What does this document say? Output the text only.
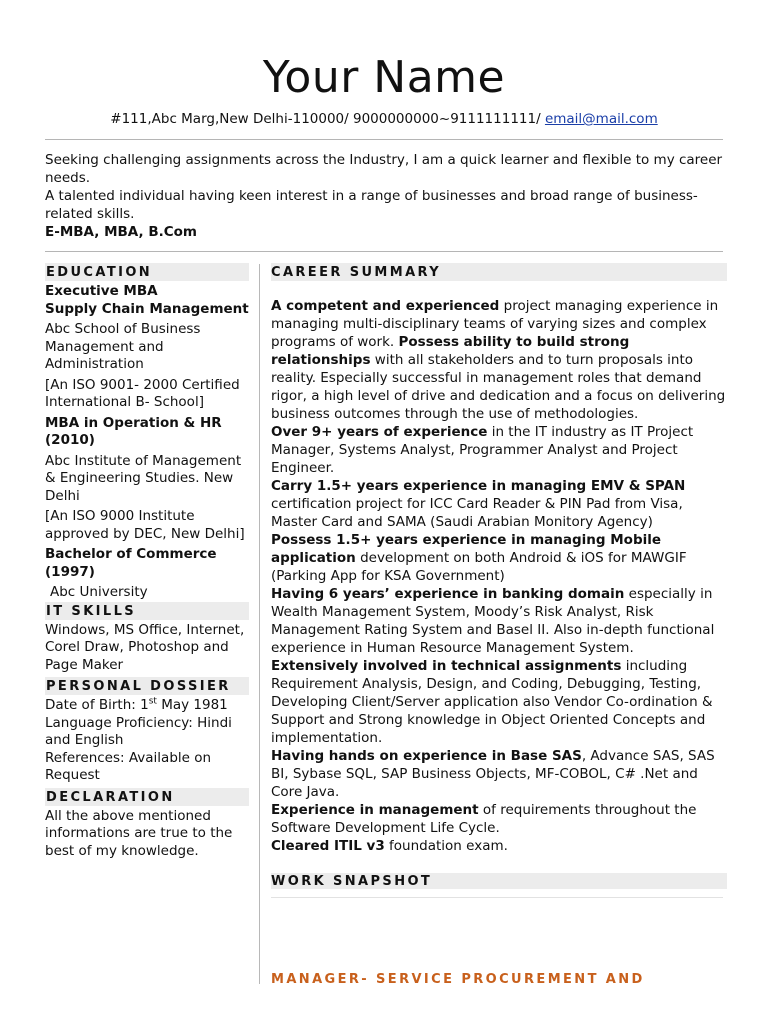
Your Name
#111,Abc Marg,New Delhi-110000/ 9000000000~9111111111/ email@mail.com

Seeking challenging assignments across the Industry, I am a quick learner and flexible to my career needs.

A talented individual having keen interest in a range of businesses and broad range of business-related skills.

E-MBA, MBA, B.Com

EDUCATION

Executive MBA

Supply Chain Management

Abc School of Business Management and Administration

[An ISO 9001- 2000 Certified International B- School]

MBA in Operation & HR (2010)

Abc Institute of Management & Engineering Studies. New Delhi

[An ISO 9000 Institute approved by DEC, New Delhi]

Bachelor of Commerce (1997)

Abc University

IT SKILLS

Windows, MS Office, Internet, Corel Draw, Photoshop and Page Maker

PERSONAL DOSSIER

Date of Birth: 1st May 1981

Language Proficiency: Hindi and English

References: Available on Request

DECLARATION

All the above mentioned informations are true to the best of my knowledge.

CAREER SUMMARY

A competent and experienced project managing experience in managing multi-disciplinary teams of varying sizes and complex programs of work. Possess ability to build strong relationships with all stakeholders and to turn proposals into reality. Especially successful in management roles that demand rigor, a high level of drive and dedication and a focus on delivering business outcomes through the use of methodologies.

Over 9+ years of experience in the IT industry as IT Project Manager, Systems Analyst, Programmer Analyst and Project Engineer.

Carry 1.5+ years experience in managing EMV & SPAN certification project for ICC Card Reader & PIN Pad from Visa, Master Card and SAMA (Saudi Arabian Monitory Agency)

Possess 1.5+ years experience in managing Mobile application development on both Android & iOS for MAWGIF (Parking App for KSA Government)

Having 6 years’ experience in banking domain especially in Wealth Management System, Moody’s Risk Analyst, Risk Management Rating System and Basel II. Also in-depth functional experience in Human Resource Management System.

Extensively involved in technical assignments including Requirement Analysis, Design, and Coding, Debugging, Testing, Developing Client/Server application also Vendor Co-ordination & Support and Strong knowledge in Object Oriented Concepts and implementation.

Having hands on experience in Base SAS, Advance SAS, SAS BI, Sybase SQL, SAP Business Objects, MF-COBOL, C# .Net and Core Java.

Experience in management of requirements throughout the Software Development Life Cycle.

Cleared ITIL v3 foundation exam.

WORK SNAPSHOT
MANAGER- SERVICE PROCUREMENT AND
